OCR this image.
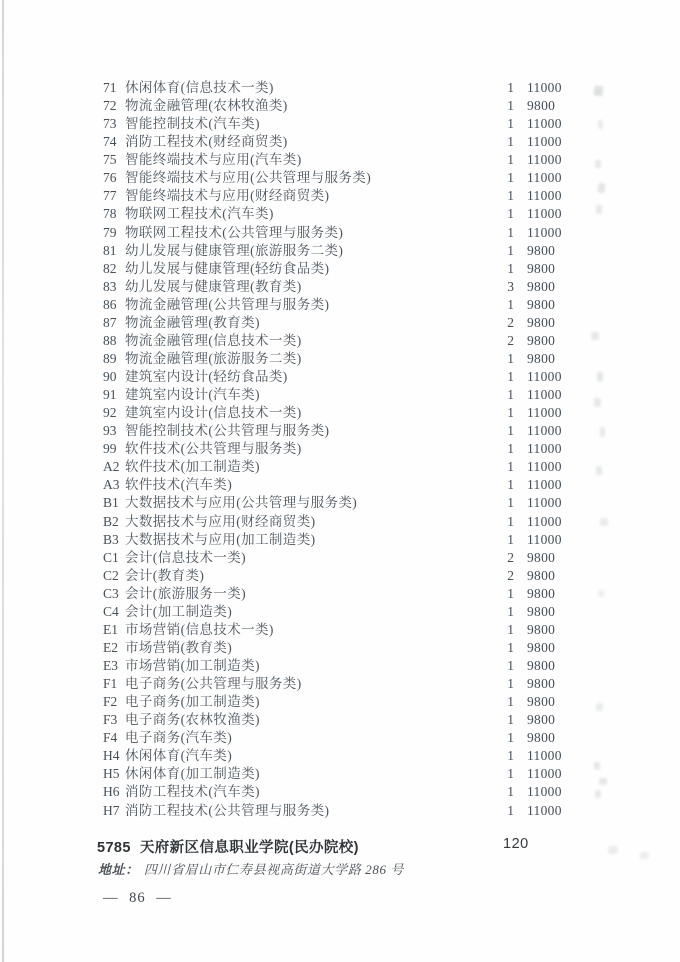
71 休闲体育(信息技术一类)	1 11000
72 物流金融管理(农林牧渔类)	1 9800
73 智能控制技术(汽车类)	1 11000
74 消防工程技术(财经商贸类)	1 11000
75 智能终端技术与应用(汽车类)	1 11000
76 智能终端技术与应用(公共管理与服务类)	1 11000
77 智能终端技术与应用(财经商贸类)	1 11000
78 物联网工程技术(汽车类)	1 11000
79 物联网工程技术(公共管理与服务类)	1 11000
81 幼儿发展与健康管理(旅游服务二类)	1 9800
82 幼儿发展与健康管理(轻纺食品类)	1 9800
83 幼儿发展与健康管理(教育类)	3 9800
86 物流金融管理(公共管理与服务类)	1 9800
87 物流金融管理(教育类)	2 9800
88 物流金融管理(信息技术一类)	2 9800
89 物流金融管理(旅游服务二类)	1 9800
90 建筑室内设计(轻纺食品类)	1 11000
91 建筑室内设计(汽车类)	1 11000
92 建筑室内设计(信息技术一类)	1 11000
93 智能控制技术(公共管理与服务类)	1 11000
99 软件技术(公共管理与服务类)	1 11000
A2 软件技术(加工制造类)	1 11000
A3 软件技术(汽车类)	1 11000
B1 大数据技术与应用(公共管理与服务类)	1 11000
B2 大数据技术与应用(财经商贸类)	1 11000
B3 大数据技术与应用(加工制造类)	1 11000
C1 会计(信息技术一类)	2 9800
C2 会计(教育类)	2 9800
C3 会计(旅游服务一类)	1 9800
C4 会计(加工制造类)	1 9800
E1 市场营销(信息技术一类)	1 9800
E2 市场营销(教育类)	1 9800
E3 市场营销(加工制造类)	1 9800
F1 电子商务(公共管理与服务类)	1 9800
F2 电子商务(加工制造类)	1 9800
F3 电子商务(农林牧渔类)	1 9800
F4 电子商务(汽车类)	1 9800
H4 休闲体育(汽车类)	1 11000
H5 休闲体育(加工制造类)	1 11000
H6 消防工程技术(汽车类)	1 11000
H7 消防工程技术(公共管理与服务类)	1 11000
5785 天府新区信息职业学院(民办院校)	120
地址： 四川省眉山市仁寿县视高街道大学路 286 号
— 86 —
